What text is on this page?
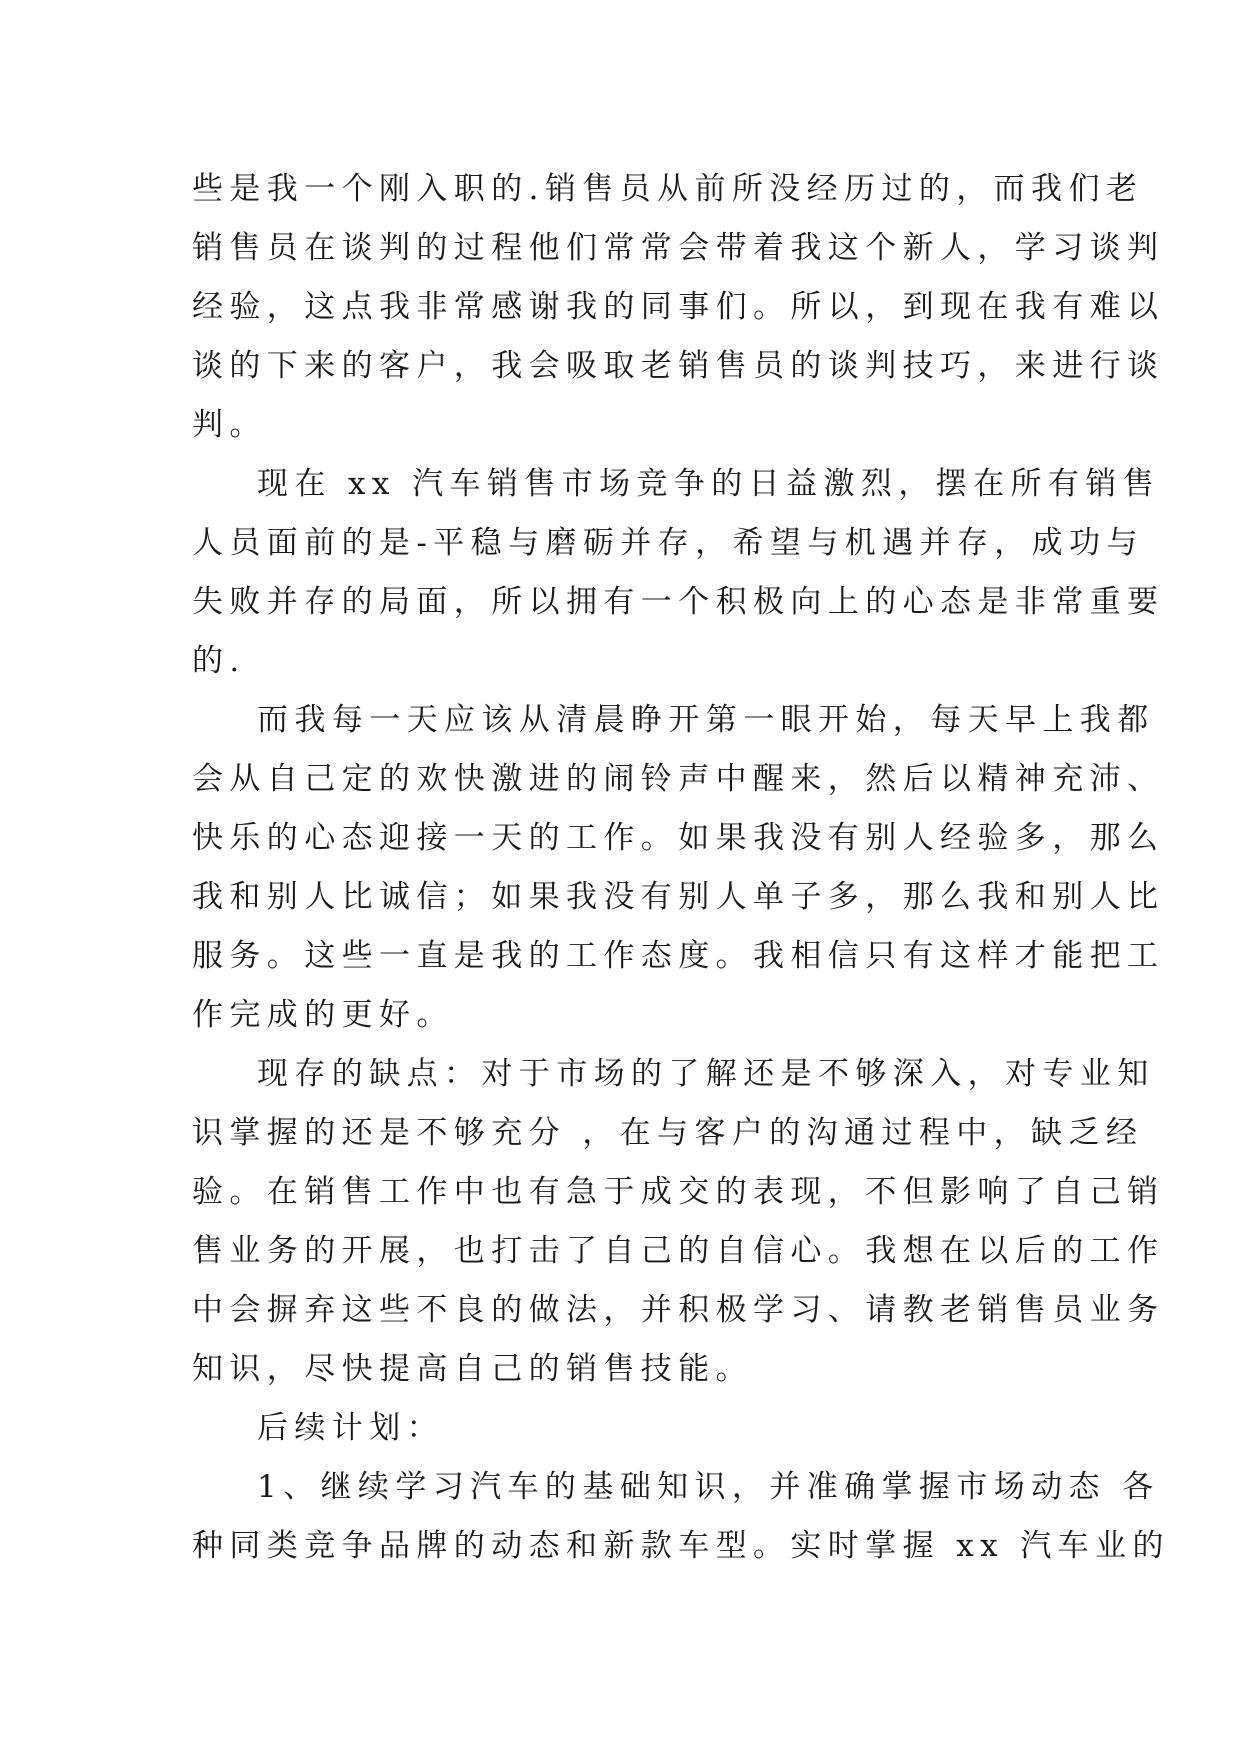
些是我一个刚入职的.销售员从前所没经历过的，而我们老
销售员在谈判的过程他们常常会带着我这个新人，学习谈判
经验，这点我非常感谢我的同事们。所以，到现在我有难以
谈的下来的客户，我会吸取老销售员的谈判技巧，来进行谈
判。
现在 xx 汽车销售市场竞争的日益激烈，摆在所有销售
人员面前的是-平稳与磨砺并存，希望与机遇并存，成功与
失败并存的局面，所以拥有一个积极向上的心态是非常重要
的.
而我每一天应该从清晨睁开第一眼开始，每天早上我都
会从自己定的欢快激进的闹铃声中醒来，然后以精神充沛、
快乐的心态迎接一天的工作。如果我没有别人经验多，那么
我和别人比诚信；如果我没有别人单子多，那么我和别人比
服务。这些一直是我的工作态度。我相信只有这样才能把工
作完成的更好。
现存的缺点：对于市场的了解还是不够深入，对专业知
识掌握的还是不够充分 ，在与客户的沟通过程中，缺乏经
验。在销售工作中也有急于成交的表现，不但影响了自己销
售业务的开展，也打击了自己的自信心。我想在以后的工作
中会摒弃这些不良的做法，并积极学习、请教老销售员业务
知识，尽快提高自己的销售技能。
后续计划：
1、继续学习汽车的基础知识，并准确掌握市场动态 各
种同类竞争品牌的动态和新款车型。实时掌握 xx 汽车业的
